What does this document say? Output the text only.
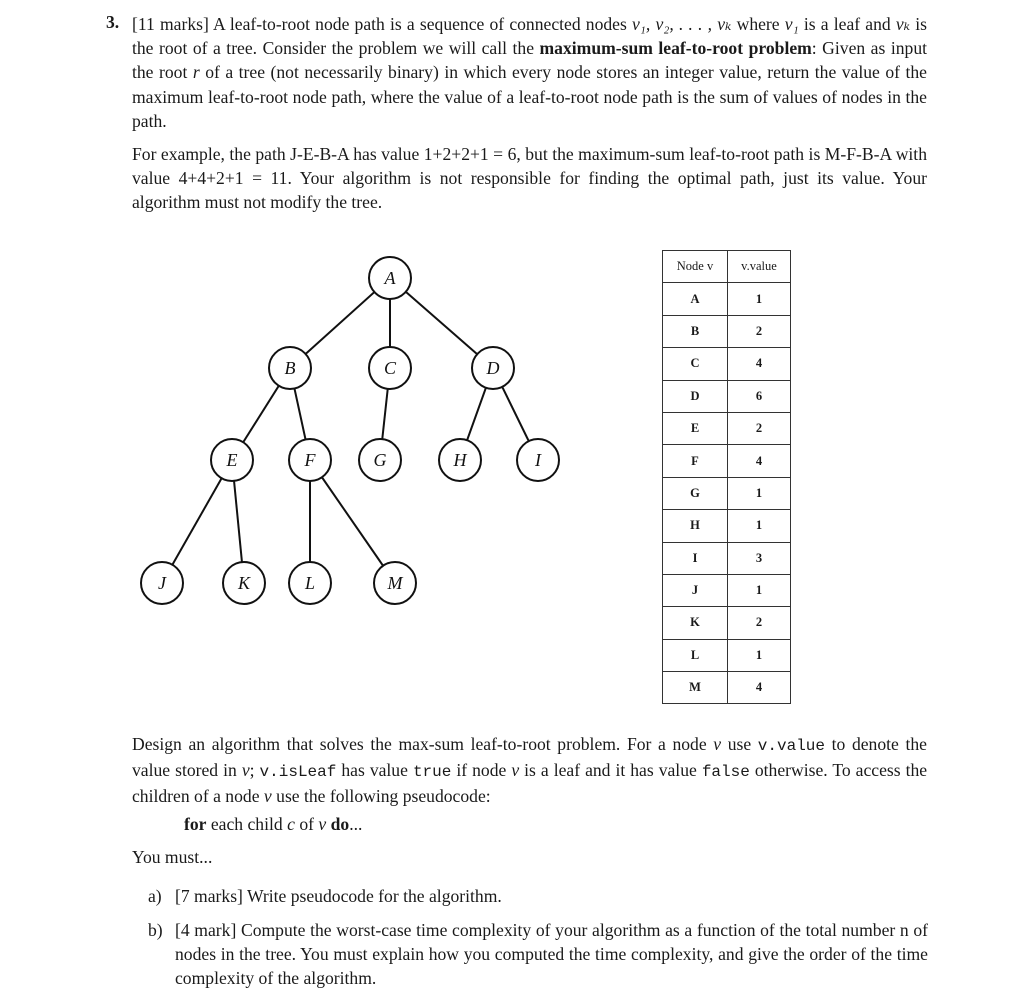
3. [11 marks] A leaf-to-root node path is a sequence of connected nodes v₁, v₂, . . . , vₖ where v₁ is a leaf and vₖ is the root of a tree. Consider the problem we will call the maximum-sum leaf-to-root problem: Given as input the root r of a tree (not necessarily binary) in which every node stores an integer value, return the value of the maximum leaf-to-root node path, where the value of a leaf-to-root node path is the sum of values of nodes in the path.
For example, the path J-E-B-A has value 1+2+2+1 = 6, but the maximum-sum leaf-to-root path is M-F-B-A with value 4+4+2+1 = 11. Your algorithm is not responsible for finding the optimal path, just its value. Your algorithm must not modify the tree.
A
B	C	D
E	F	G	H	I
J	K	L	M
Node v	v.value
A	1
B	2
C	4
D	6
E	2
F	4
G	1
H	1
I	3
J	1
K	2
L	1
M	4
Design an algorithm that solves the max-sum leaf-to-root problem. For a node v use v.value to denote the value stored in v; v.isLeaf has value true if node v is a leaf and it has value false otherwise. To access the children of a node v use the following pseudocode:
for each child c of v do...
You must...
a) [7 marks] Write pseudocode for the algorithm.
b) [4 mark] Compute the worst-case time complexity of your algorithm as a function of the total number n of nodes in the tree. You must explain how you computed the time complexity, and give the order of the time complexity of the algorithm.
